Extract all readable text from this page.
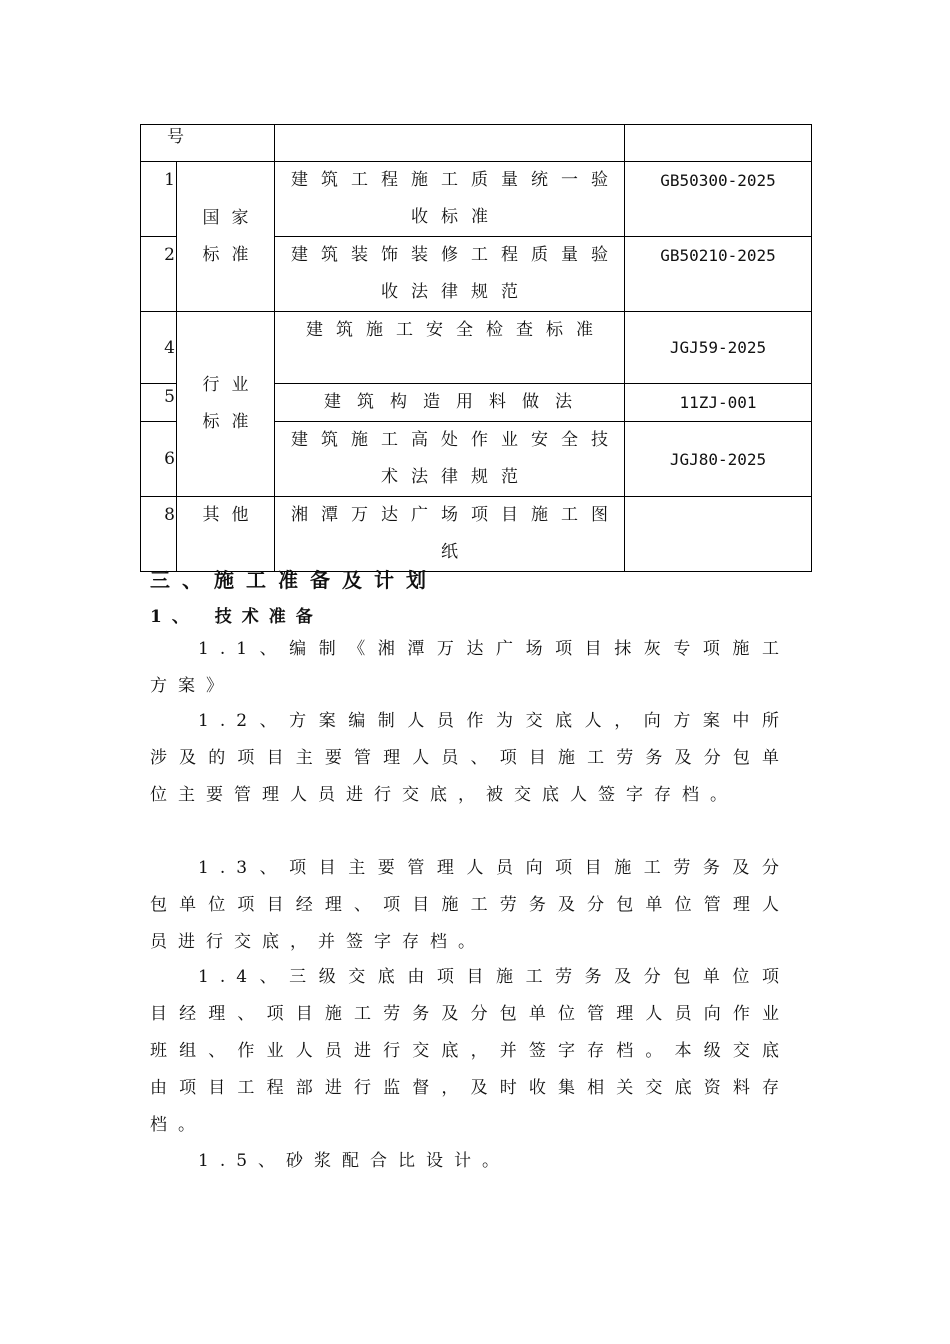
号			

1	国家标准	建筑工程施工质量统一验收标准	GB50300-2025

2		建筑装饰装修工程质量验收法律规范	GB50210-2025

4	行业标准	建筑施工安全检查标准	JGJ59-2025

5		建筑构造用料做法	11ZJ-001

6		建筑施工高处作业安全技术法律规范	JGJ80-2025

8	其他	湘潭万达广场项目施工图纸	
三、施工准备及计划
1、 技术准备

1.1、编制《湘潭万达广场项目抹灰专项施工方案》

1.2、方案编制人员作为交底人，向方案中所涉及的项目主要管理人员、项目施工劳务及分包单位主要管理人员进行交底，被交底人签字存档。

1.3、项目主要管理人员向项目施工劳务及分包单位项目经理、项目施工劳务及分包单位管理人员进行交底，并签字存档。

1.4、三级交底由项目施工劳务及分包单位项目经理、项目施工劳务及分包单位管理人员向作业班组、作业人员进行交底，并签字存档。本级交底由项目工程部进行监督，及时收集相关交底资料存档。

1.5、砂浆配合比设计。
